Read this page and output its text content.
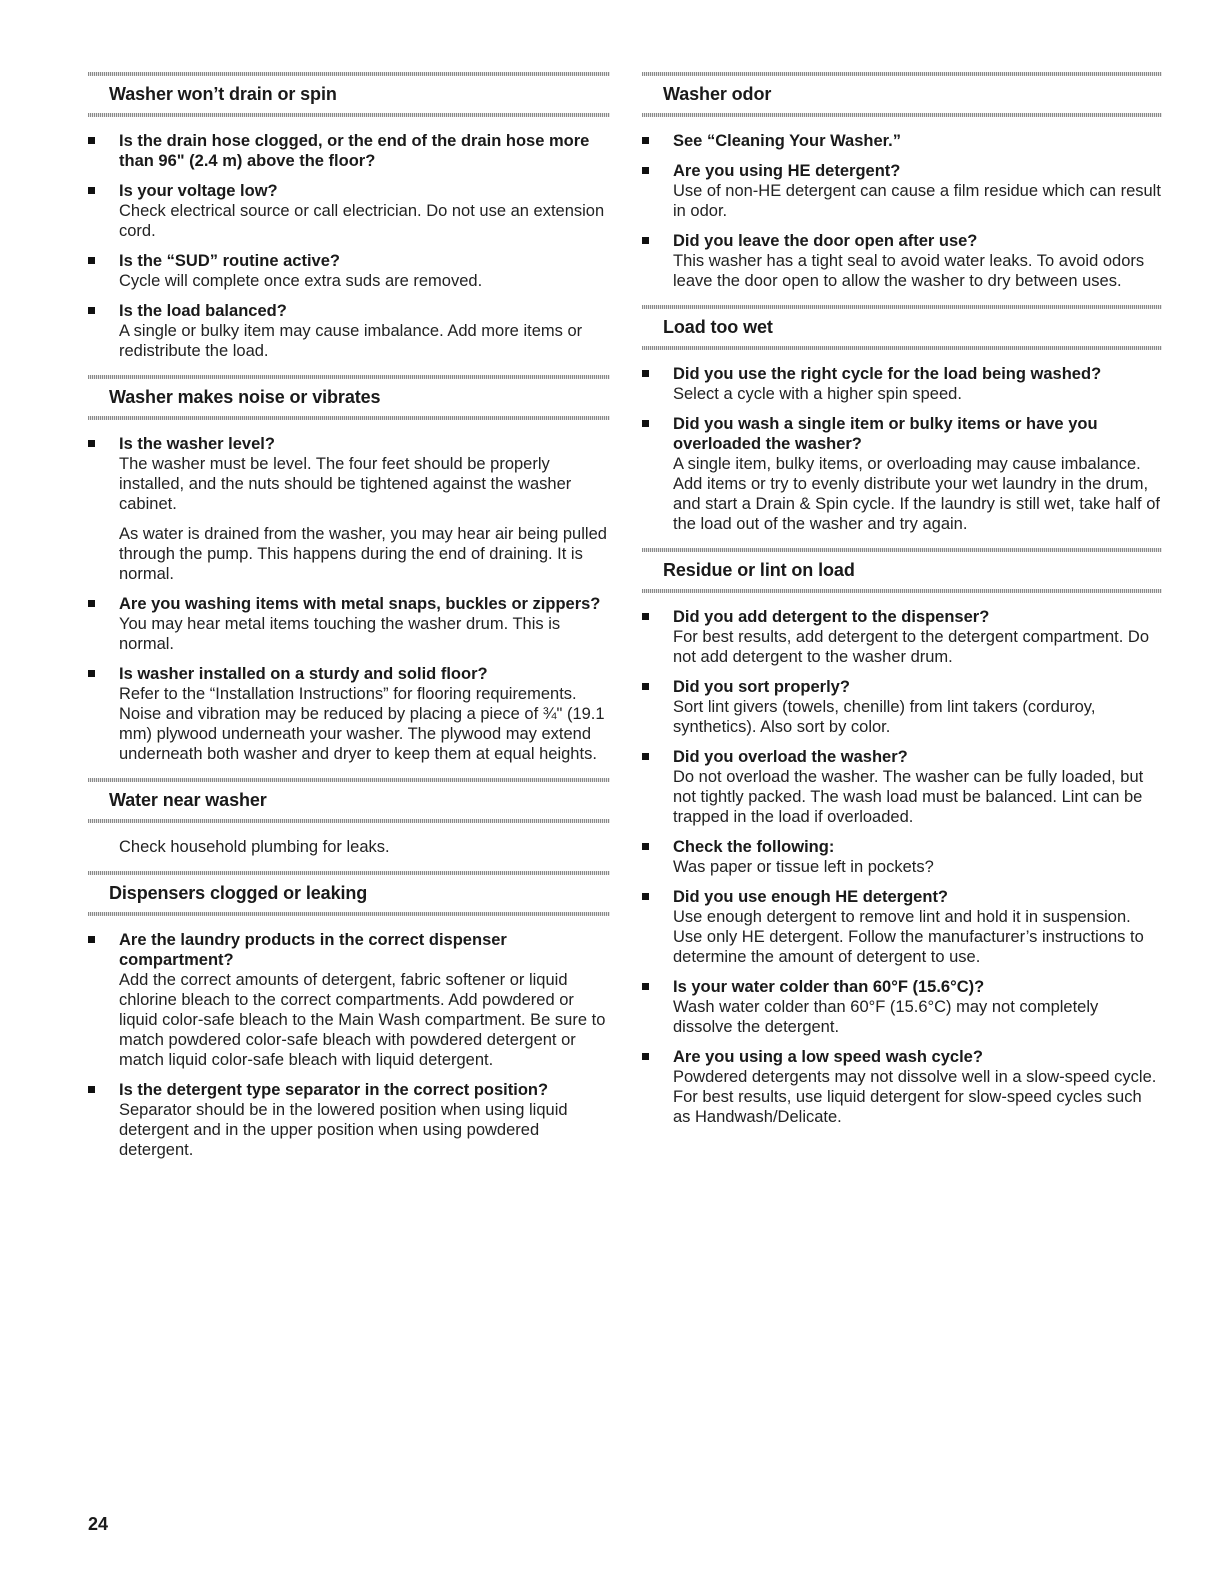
Washer won’t drain or spin
Is the drain hose clogged, or the end of the drain hose more than 96" (2.4 m) above the floor?
Is your voltage low?
Check electrical source or call electrician. Do not use an extension cord.
Is the “SUD” routine active?
Cycle will complete once extra suds are removed.
Is the load balanced?
A single or bulky item may cause imbalance. Add more items or redistribute the load.
Washer makes noise or vibrates
Is the washer level?
The washer must be level. The four feet should be properly installed, and the nuts should be tightened against the washer cabinet.
As water is drained from the washer, you may hear air being pulled through the pump. This happens during the end of draining. It is normal.
Are you washing items with metal snaps, buckles or zippers?
You may hear metal items touching the washer drum. This is normal.
Is washer installed on a sturdy and solid floor?
Refer to the “Installation Instructions” for flooring requirements. Noise and vibration may be reduced by placing a piece of ¾" (19.1 mm) plywood underneath your washer. The plywood may extend underneath both washer and dryer to keep them at equal heights.
Water near washer
Check household plumbing for leaks.
Dispensers clogged or leaking
Are the laundry products in the correct dispenser compartment?
Add the correct amounts of detergent, fabric softener or liquid chlorine bleach to the correct compartments. Add powdered or liquid color-safe bleach to the Main Wash compartment. Be sure to match powdered color-safe bleach with powdered detergent or match liquid color-safe bleach with liquid detergent.
Is the detergent type separator in the correct position?
Separator should be in the lowered position when using liquid detergent and in the upper position when using powdered detergent.
Washer odor
See “Cleaning Your Washer.”
Are you using HE detergent?
Use of non-HE detergent can cause a film residue which can result in odor.
Did you leave the door open after use?
This washer has a tight seal to avoid water leaks. To avoid odors leave the door open to allow the washer to dry between uses.
Load too wet
Did you use the right cycle for the load being washed?
Select a cycle with a higher spin speed.
Did you wash a single item or bulky items or have you overloaded the washer?
A single item, bulky items, or overloading may cause imbalance. Add items or try to evenly distribute your wet laundry in the drum, and start a Drain & Spin cycle. If the laundry is still wet, take half of the load out of the washer and try again.
Residue or lint on load
Did you add detergent to the dispenser?
For best results, add detergent to the detergent compartment. Do not add detergent to the washer drum.
Did you sort properly?
Sort lint givers (towels, chenille) from lint takers (corduroy, synthetics). Also sort by color.
Did you overload the washer?
Do not overload the washer. The washer can be fully loaded, but not tightly packed. The wash load must be balanced. Lint can be trapped in the load if overloaded.
Check the following:
Was paper or tissue left in pockets?
Did you use enough HE detergent?
Use enough detergent to remove lint and hold it in suspension. Use only HE detergent. Follow the manufacturer’s instructions to determine the amount of detergent to use.
Is your water colder than 60°F (15.6°C)?
Wash water colder than 60°F (15.6°C) may not completely dissolve the detergent.
Are you using a low speed wash cycle?
Powdered detergents may not dissolve well in a slow-speed cycle. For best results, use liquid detergent for slow-speed cycles such as Handwash/Delicate.
24
